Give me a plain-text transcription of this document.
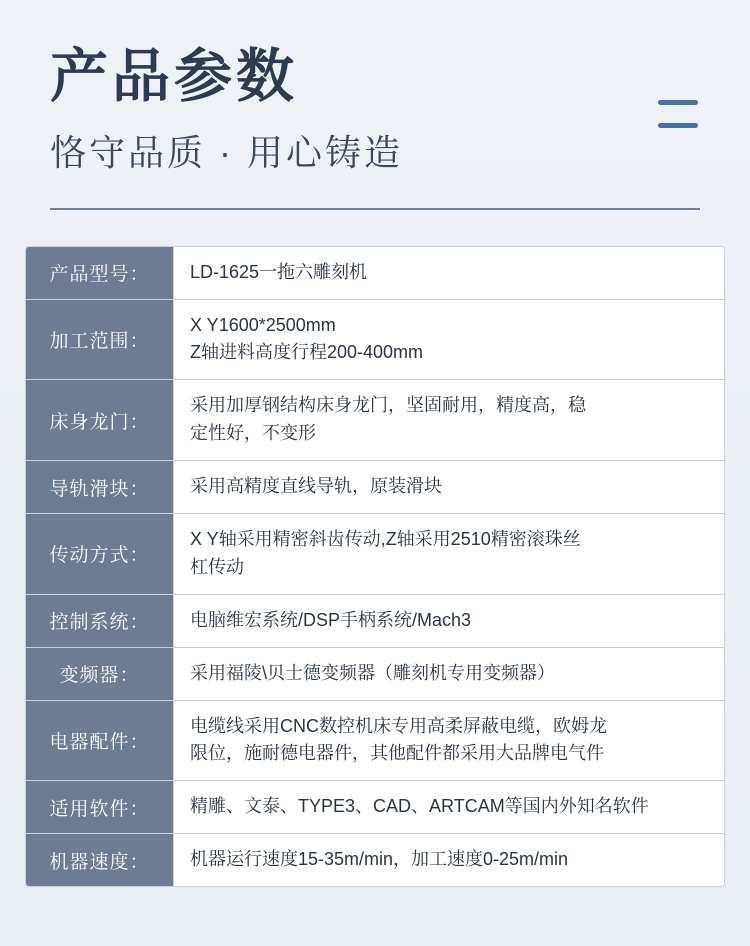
产品参数
恪守品质 · 用心铸造
产品型号：	LD-1625一拖六雕刻机
加工范围：
X Y1600*2500mm
Z轴进料高度行程200-400mm
床身龙门：
采用加厚钢结构床身龙门，坚固耐用，精度高，稳
定性好，不变形
导轨滑块：	采用高精度直线导轨，原装滑块
传动方式：
X Y轴采用精密斜齿传动,Z轴采用2510精密滚珠丝
杠传动
控制系统：	电脑维宏系统/DSP手柄系统/Mach3
变频器：	采用福陵\贝士德变频器（雕刻机专用变频器）
电器配件：
电缆线采用CNC数控机床专用高柔屏蔽电缆，欧姆龙
限位，施耐德电器件，其他配件都采用大品牌电气件
适用软件：	精雕、文泰、TYPE3、CAD、ARTCAM等国内外知名软件
机器速度：	机器运行速度15-35m/min，加工速度0-25m/min
